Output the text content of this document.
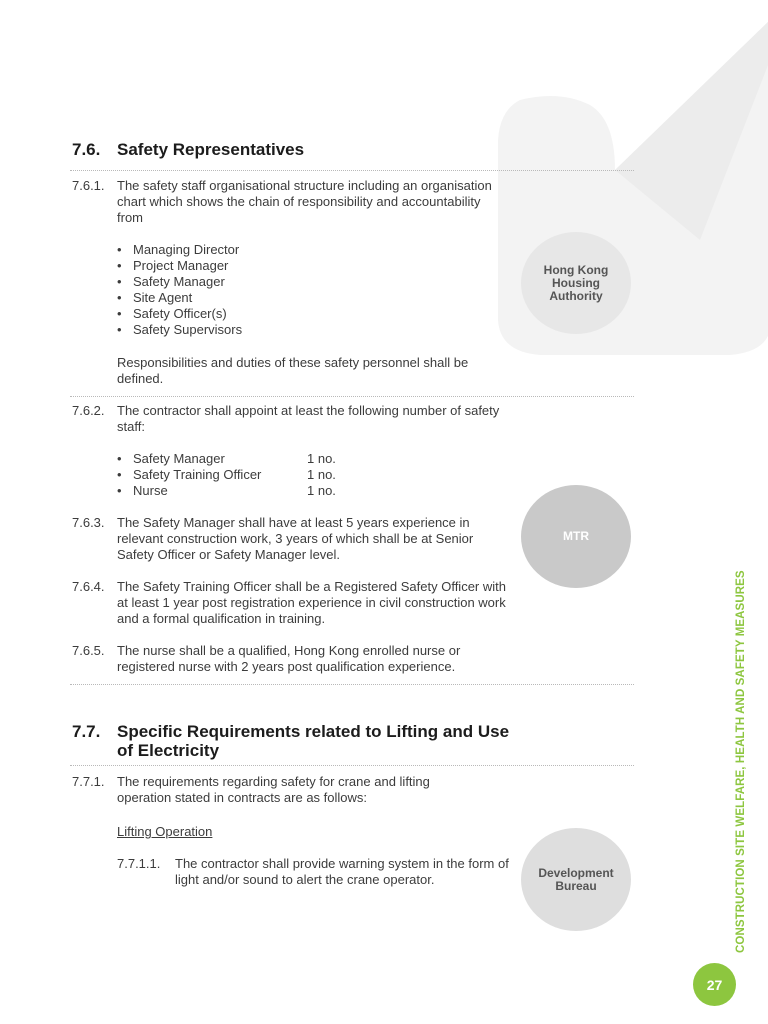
7.6. Safety Representatives
7.6.1. The safety staff organisational structure including an organisation chart which shows the chain of responsibility and accountability from
• Managing Director
• Project Manager
• Safety Manager
• Site Agent
• Safety Officer(s)
• Safety Supervisors
Responsibilities and duties of these safety personnel shall be defined.
7.6.2. The contractor shall appoint at least the following number of safety staff:
• Safety Manager	1 no.
• Safety Training Officer	1 no.
• Nurse	1 no.
7.6.3. The Safety Manager shall have at least 5 years experience in relevant construction work, 3 years of which shall be at Senior Safety Officer or Safety Manager level.
7.6.4. The Safety Training Officer shall be a Registered Safety Officer with at least 1 year post registration experience in civil construction work and a formal qualification in training.
7.6.5. The nurse shall be a qualified, Hong Kong enrolled nurse or registered nurse with 2 years post qualification experience.
7.7. Specific Requirements related to Lifting and Use of Electricity
7.7.1. The requirements regarding safety for crane and lifting operation stated in contracts are as follows:
Lifting Operation
7.7.1.1. The contractor shall provide warning system in the form of light and/or sound to alert the crane operator.
Hong Kong Housing Authority
MTR
Development Bureau	CONSTRUCTION SITE WELFARE, HEALTH AND SAFETY MEASURES
27
